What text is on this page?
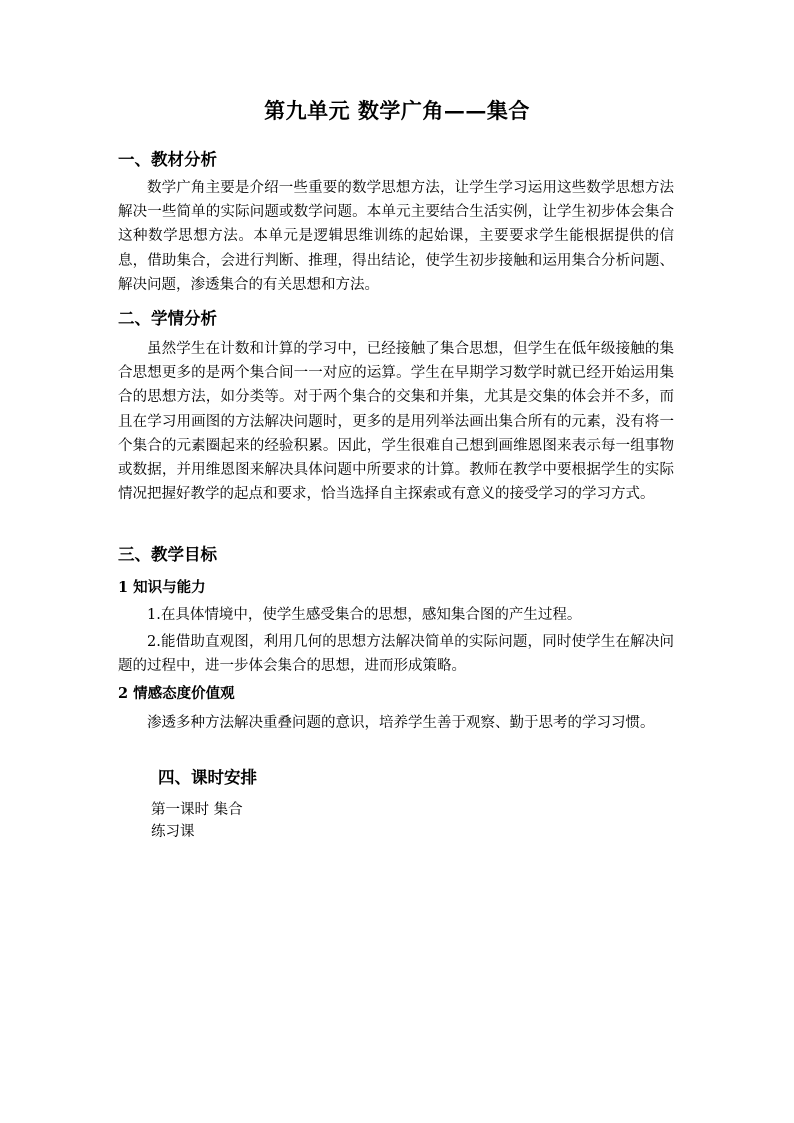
第九单元 数学广角——集合
一、教材分析

数学广角主要是介绍一些重要的数学思想方法，让学生学习运用这些数学思想方法解决一些简单的实际问题或数学问题。本单元主要结合生活实例，让学生初步体会集合这种数学思想方法。本单元是逻辑思维训练的起始课，主要要求学生能根据提供的信息，借助集合，会进行判断、推理，得出结论，使学生初步接触和运用集合分析问题、解决问题，渗透集合的有关思想和方法。

二、学情分析

虽然学生在计数和计算的学习中，已经接触了集合思想，但学生在低年级接触的集合思想更多的是两个集合间一一对应的运算。学生在早期学习数学时就已经开始运用集合的思想方法，如分类等。对于两个集合的交集和并集，尤其是交集的体会并不多，而且在学习用画图的方法解决问题时，更多的是用列举法画出集合所有的元素，没有将一个集合的元素圈起来的经验积累。因此，学生很难自己想到画维恩图来表示每一组事物或数据，并用维恩图来解决具体问题中所要求的计算。教师在教学中要根据学生的实际情况把握好教学的起点和要求，恰当选择自主探索或有意义的接受学习的学习方式。

三、教学目标
1 知识与能力

1.在具体情境中，使学生感受集合的思想，感知集合图的产生过程。

2.能借助直观图，利用几何的思想方法解决简单的实际问题，同时使学生在解决问题的过程中，进一步体会集合的思想，进而形成策略。

2 情感态度价值观

渗透多种方法解决重叠问题的意识，培养学生善于观察、勤于思考的学习习惯。

四、课时安排
第一课时 集合
练习课
